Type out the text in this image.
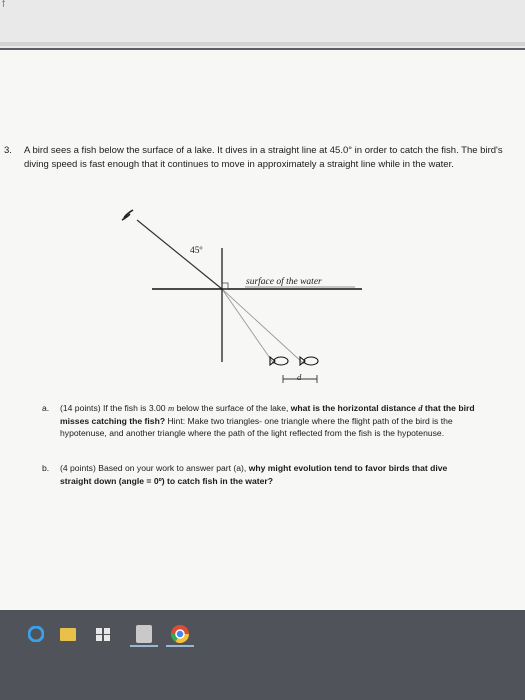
f
3. A bird sees a fish below the surface of a lake. It dives in a straight line at 45.0° in order to catch the fish. The bird's diving speed is fast enough that it continues to move in approximately a straight line while in the water.
45º
surface of the water
d
a. (14 points) If the fish is 3.00 m below the surface of the lake, what is the horizontal distance d that the bird misses catching the fish? Hint: Make two triangles- one triangle where the flight path of the bird is the hypotenuse, and another triangle where the path of the light reflected from the fish is the hypotenuse.
b. (4 points) Based on your work to answer part (a), why might evolution tend to favor birds that dive straight down (angle = 0º) to catch fish in the water?
